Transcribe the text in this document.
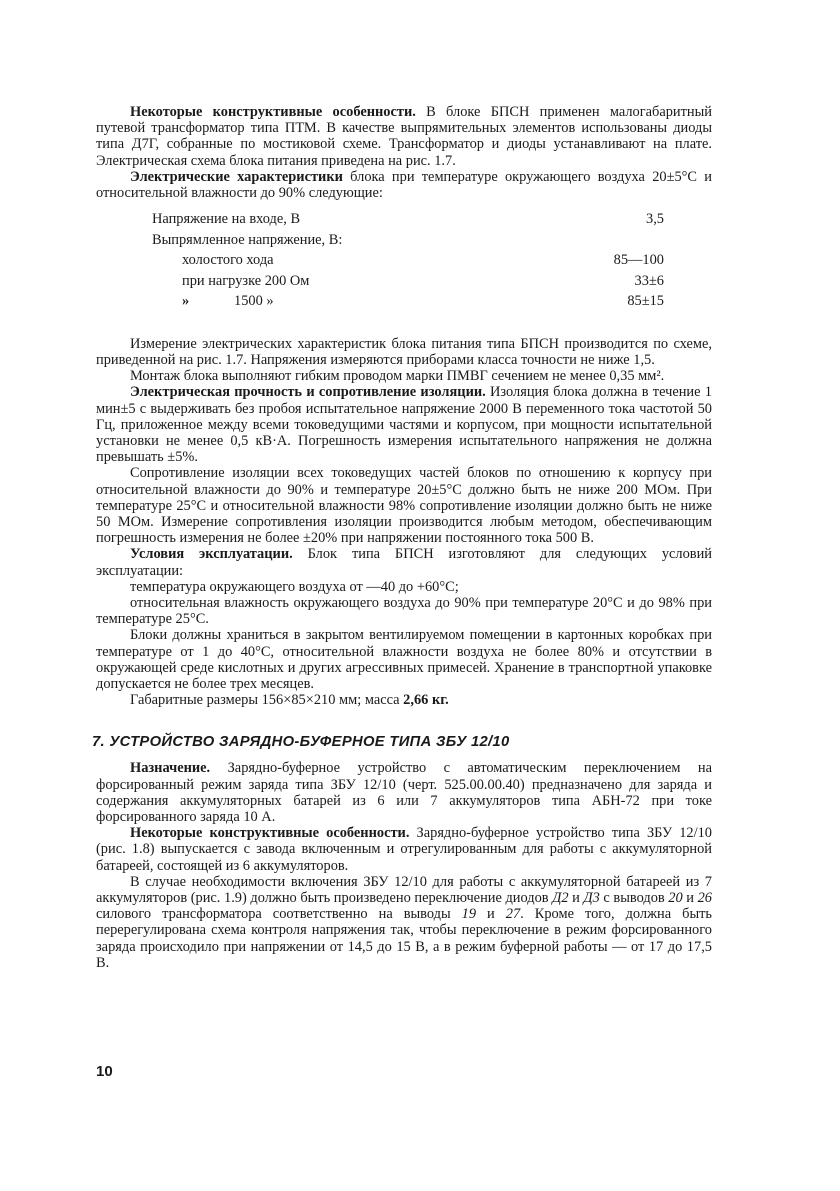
Некоторые конструктивные особенности. В блоке БПСН применен малогабаритный путевой трансформатор типа ПТМ. В качестве выпрямительных элементов использованы диоды типа Д7Г, собранные по мостиковой схеме. Трансформатор и диоды устанавливают на плате. Электрическая схема блока питания приведена на рис. 1.7.

Электрические характеристики блока при температуре окружающего воздуха 20±5°С и относительной влажности до 90% следующие:

Напряжение на входе, В	3,5
Выпрямленное напряжение, В:
холостого хода	85—100
при нагрузке 200 Ом	33±6
»	1500 »	85±15

Измерение электрических характеристик блока питания типа БПСН производится по схеме, приведенной на рис. 1.7. Напряжения измеряются приборами класса точности не ниже 1,5.

Монтаж блока выполняют гибким проводом марки ПМВГ сечением не менее 0,35 мм².

Электрическая прочность и сопротивление изоляции. Изоляция блока должна в течение 1 мин±5 с выдерживать без пробоя испытательное напряжение 2000 В переменного тока частотой 50 Гц, приложенное между всеми токоведущими частями и корпусом, при мощности испытательной установки не менее 0,5 кВ·А. Погрешность измерения испытательного напряжения не должна превышать ±5%.

Сопротивление изоляции всех токоведущих частей блоков по отношению к корпусу при относительной влажности до 90% и температуре 20±5°С должно быть не ниже 200 МОм. При температуре 25°С и относительной влажности 98% сопротивление изоляции должно быть не ниже 50 МОм. Измерение сопротивления изоляции производится любым методом, обеспечивающим погрешность измерения не более ±20% при напряжении постоянного тока 500 В.

Условия эксплуатации. Блок типа БПСН изготовляют для следующих условий эксплуатации:

температура окружающего воздуха от —40 до +60°С;

относительная влажность окружающего воздуха до 90% при температуре 20°С и до 98% при температуре 25°С.

Блоки должны храниться в закрытом вентилируемом помещении в картонных коробках при температуре от 1 до 40°С, относительной влажности воздуха не более 80% и отсутствии в окружающей среде кислотных и других агрессивных примесей. Хранение в транспортной упаковке допускается не более трех месяцев.

Габаритные размеры 156×85×210 мм; масса 2,66 кг.

7. УСТРОЙСТВО ЗАРЯДНО-БУФЕРНОЕ ТИПА ЗБУ 12/10

Назначение. Зарядно-буферное устройство с автоматическим переключением на форсированный режим заряда типа ЗБУ 12/10 (черт. 525.00.00.40) предназначено для заряда и содержания аккумуляторных батарей из 6 или 7 аккумуляторов типа АБН-72 при токе форсированного заряда 10 А.

Некоторые конструктивные особенности. Зарядно-буферное устройство типа ЗБУ 12/10 (рис. 1.8) выпускается с завода включенным и отрегулированным для работы с аккумуляторной батареей, состоящей из 6 аккумуляторов.

В случае необходимости включения ЗБУ 12/10 для работы с аккумуляторной батареей из 7 аккумуляторов (рис. 1.9) должно быть произведено переключение диодов Д2 и Д3 с выводов 20 и 26 силового трансформатора соответственно на выводы 19 и 27. Кроме того, должна быть перерегулирована схема контроля напряжения так, чтобы переключение в режим форсированного заряда происходило при напряжении от 14,5 до 15 В, а в режим буферной работы — от 17 до 17,5 В.

10
